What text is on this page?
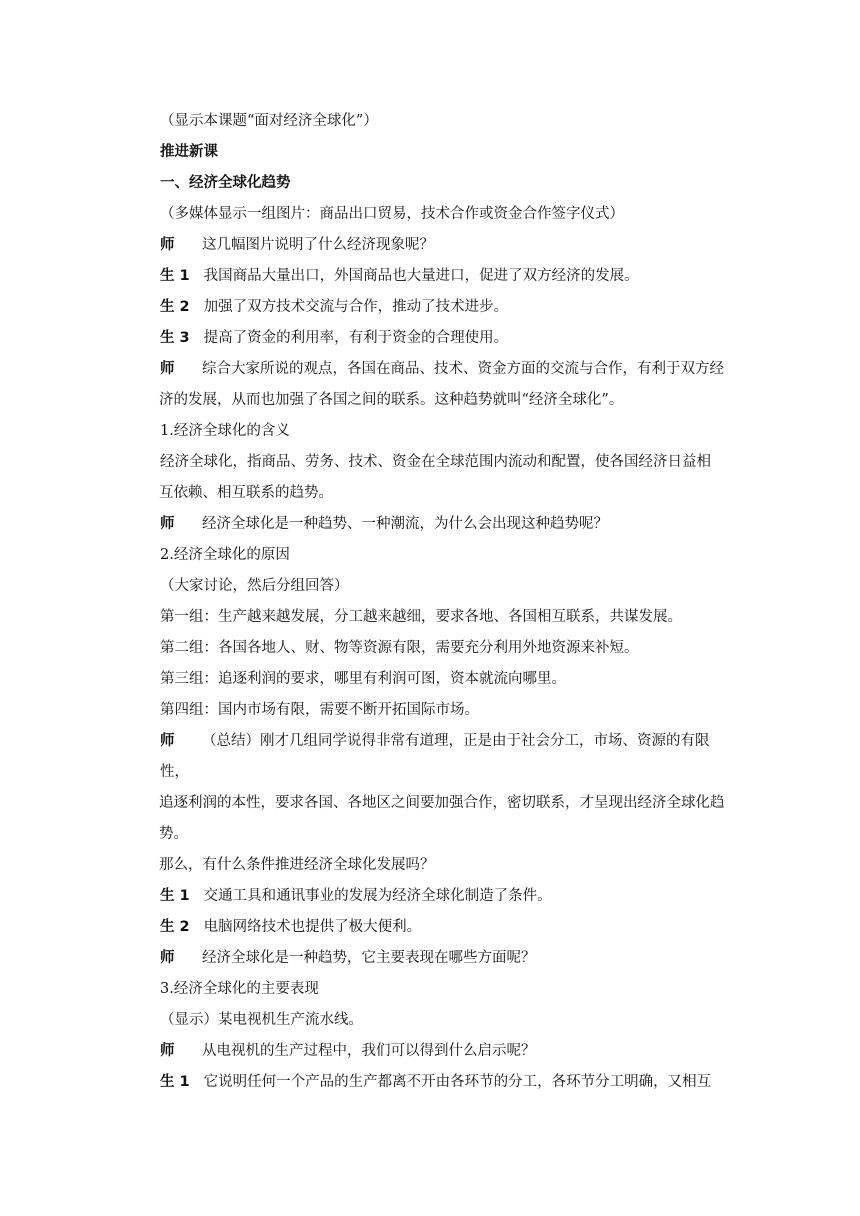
（显示本课题“面对经济全球化”）

推进新课

一、经济全球化趋势

（多媒体显示一组图片：商品出口贸易，技术合作或资金合作签字仪式）

师 这几幅图片说明了什么经济现象呢？

生 1 我国商品大量出口，外国商品也大量进口，促进了双方经济的发展。

生 2 加强了双方技术交流与合作，推动了技术进步。

生 3 提高了资金的利用率，有利于资金的合理使用。

师 综合大家所说的观点，各国在商品、技术、资金方面的交流与合作，有利于双方经
济的发展，从而也加强了各国之间的联系。这种趋势就叫“经济全球化”。

1.经济全球化的含义

经济全球化，指商品、劳务、技术、资金在全球范围内流动和配置，使各国经济日益相
互依赖、相互联系的趋势。

师 经济全球化是一种趋势、一种潮流，为什么会出现这种趋势呢？

2.经济全球化的原因

（大家讨论，然后分组回答）

第一组：生产越来越发展，分工越来越细，要求各地、各国相互联系，共谋发展。

第二组：各国各地人、财、物等资源有限，需要充分利用外地资源来补短。

第三组：追逐利润的要求，哪里有利润可图，资本就流向哪里。

第四组：国内市场有限，需要不断开拓国际市场。

师 （总结）刚才几组同学说得非常有道理，正是由于社会分工，市场、资源的有限性，
追逐利润的本性，要求各国、各地区之间要加强合作，密切联系，才呈现出经济全球化趋势。
那么，有什么条件推进经济全球化发展吗？

生 1 交通工具和通讯事业的发展为经济全球化制造了条件。

生 2 电脑网络技术也提供了极大便利。

师 经济全球化是一种趋势，它主要表现在哪些方面呢？

3.经济全球化的主要表现

（显示）某电视机生产流水线。

师 从电视机的生产过程中，我们可以得到什么启示呢？

生 1 它说明任何一个产品的生产都离不开由各环节的分工，各环节分工明确，又相互
